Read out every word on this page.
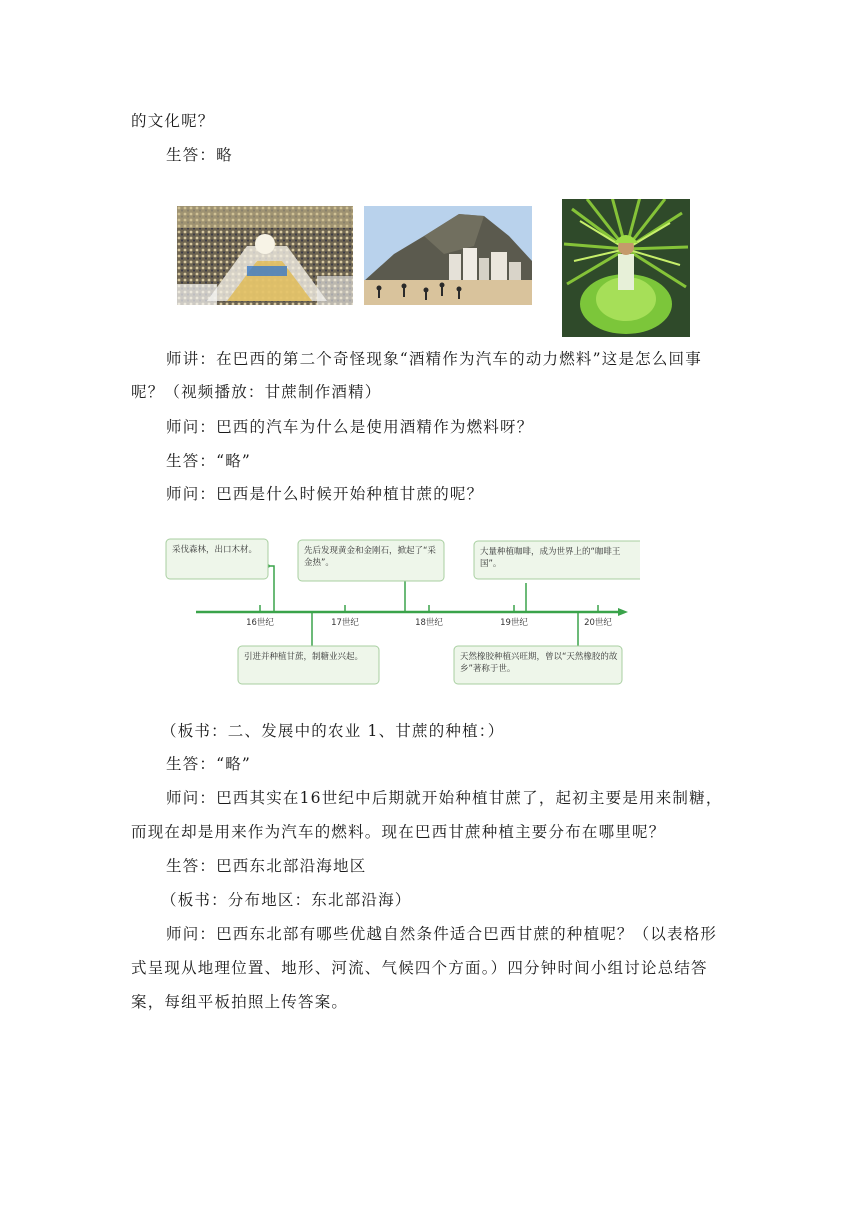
的文化呢？
生答：略
师讲：在巴西的第二个奇怪现象“酒精作为汽车的动力燃料”这是怎么回事
呢？（视频播放：甘蔗制作酒精）
师问：巴西的汽车为什么是使用酒精作为燃料呀？
生答：“略”
师问：巴西是什么时候开始种植甘蔗的呢？
16世纪	17世纪	18世纪	19世纪	20世纪
采伐森林，出口木材。	先后发现黄金和金刚石，掀起了“采金热”。
大量种植咖啡，成为世界上的“咖啡王国”。
引进并种植甘蔗，制糖业兴起。	天然橡胶种植兴旺期，曾以“天然橡胶的故乡”著称于世。
（板书：二、发展中的农业 1、甘蔗的种植：）
生答：“略”
师问：巴西其实在16世纪中后期就开始种植甘蔗了，起初主要是用来制糖，
而现在却是用来作为汽车的燃料。现在巴西甘蔗种植主要分布在哪里呢？
生答：巴西东北部沿海地区
（板书：分布地区：东北部沿海）
师问：巴西东北部有哪些优越自然条件适合巴西甘蔗的种植呢？（以表格形
式呈现从地理位置、地形、河流、气候四个方面。）四分钟时间小组讨论总结答
案，每组平板拍照上传答案。
